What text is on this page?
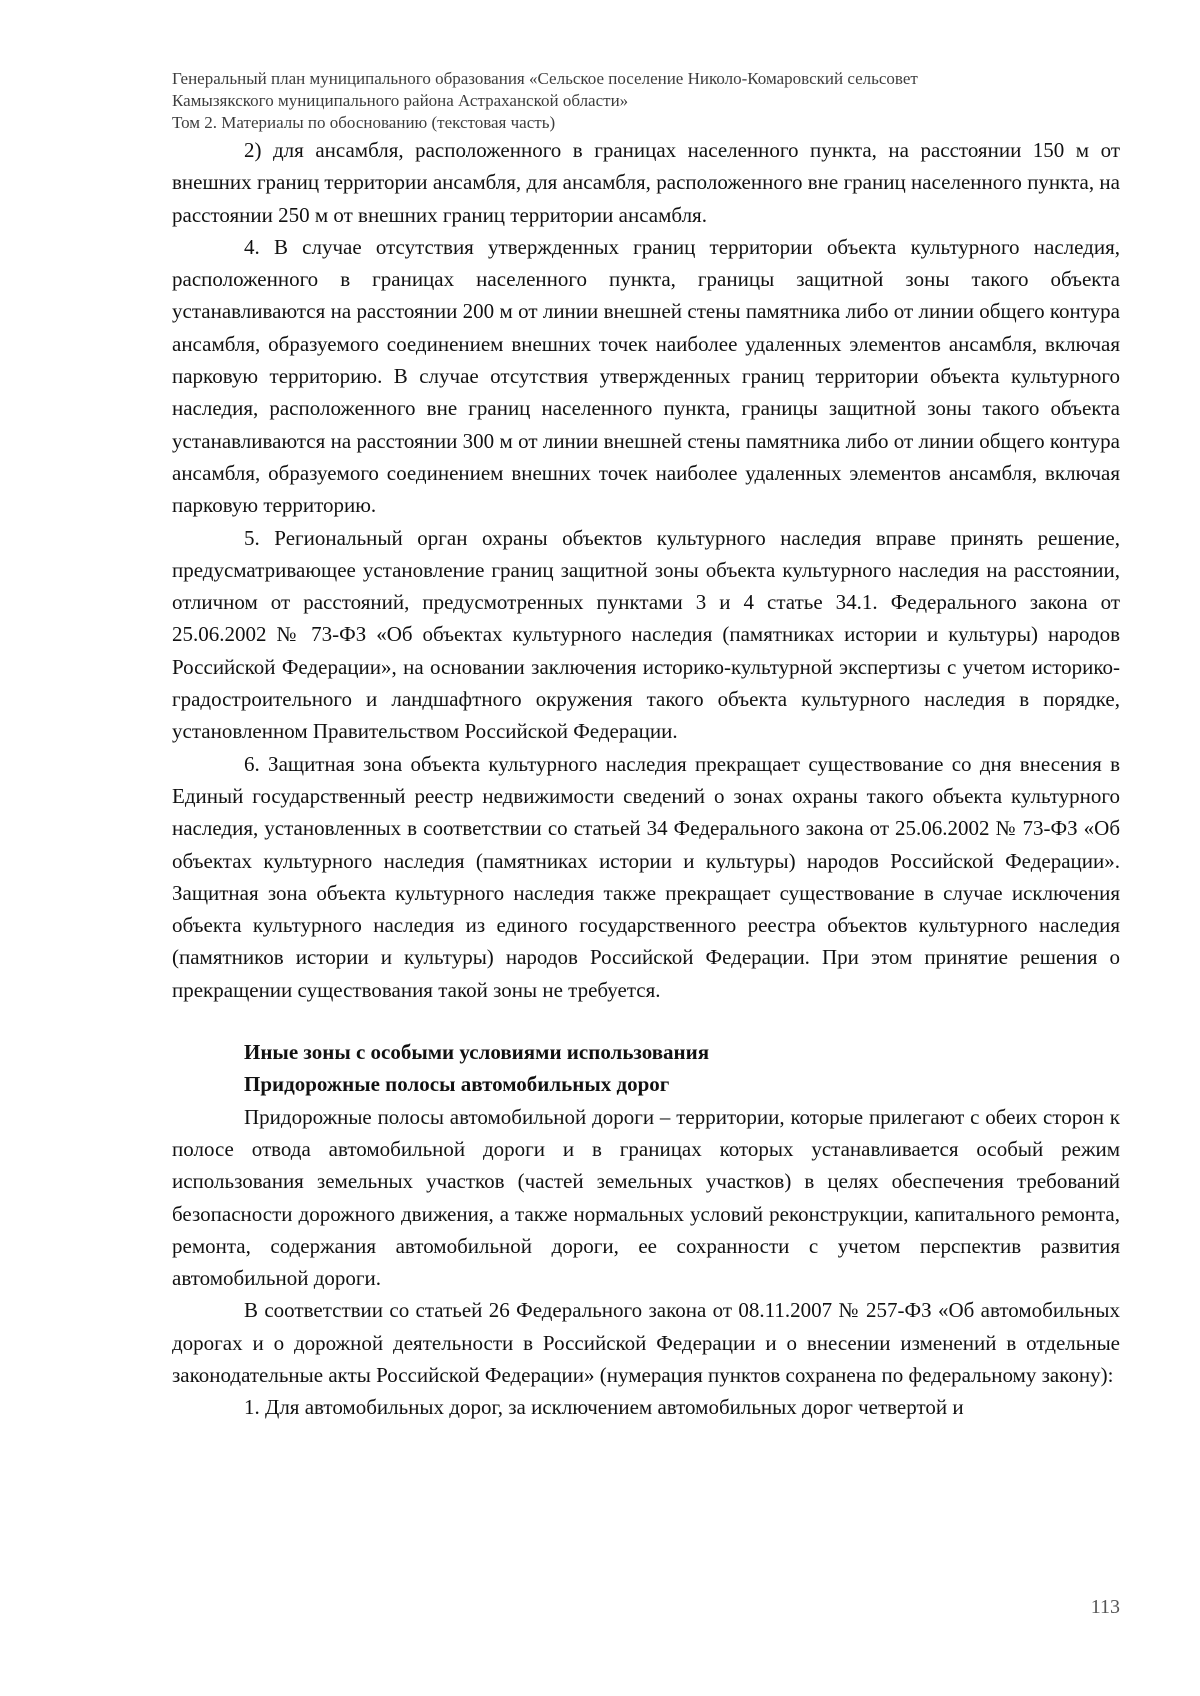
Генеральный план муниципального образования «Сельское поселение Николо-Комаровский сельсовет
Камызякского муниципального района Астраханской области»
Том 2. Материалы по обоснованию (текстовая часть)

2) для ансамбля, расположенного в границах населенного пункта, на расстоянии 150 м от внешних границ территории ансамбля, для ансамбля, расположенного вне границ населенного пункта, на расстоянии 250 м от внешних границ территории ансамбля.

4. В случае отсутствия утвержденных границ территории объекта культурного наследия, расположенного в границах населенного пункта, границы защитной зоны такого объекта устанавливаются на расстоянии 200 м от линии внешней стены памятника либо от линии общего контура ансамбля, образуемого соединением внешних точек наиболее удаленных элементов ансамбля, включая парковую территорию. В случае отсутствия утвержденных границ территории объекта культурного наследия, расположенного вне границ населенного пункта, границы защитной зоны такого объекта устанавливаются на расстоянии 300 м от линии внешней стены памятника либо от линии общего контура ансамбля, образуемого соединением внешних точек наиболее удаленных элементов ансамбля, включая парковую территорию.

5. Региональный орган охраны объектов культурного наследия вправе принять решение, предусматривающее установление границ защитной зоны объекта культурного наследия на расстоянии, отличном от расстояний, предусмотренных пунктами 3 и 4 статье 34.1. Федерального закона от 25.06.2002 № 73-ФЗ «Об объектах культурного наследия (памятниках истории и культуры) народов Российской Федерации», на основании заключения историко-культурной экспертизы с учетом историко-градостроительного и ландшафтного окружения такого объекта культурного наследия в порядке, установленном Правительством Российской Федерации.

6. Защитная зона объекта культурного наследия прекращает существование со дня внесения в Единый государственный реестр недвижимости сведений о зонах охраны такого объекта культурного наследия, установленных в соответствии со статьей 34 Федерального закона от 25.06.2002 № 73-ФЗ «Об объектах культурного наследия (памятниках истории и культуры) народов Российской Федерации». Защитная зона объекта культурного наследия также прекращает существование в случае исключения объекта культурного наследия из единого государственного реестра объектов культурного наследия (памятников истории и культуры) народов Российской Федерации. При этом принятие решения о прекращении существования такой зоны не требуется.

Иные зоны с особыми условиями использования

Придорожные полосы автомобильных дорог

Придорожные полосы автомобильной дороги – территории, которые прилегают с обеих сторон к полосе отвода автомобильной дороги и в границах которых устанавливается особый режим использования земельных участков (частей земельных участков) в целях обеспечения требований безопасности дорожного движения, а также нормальных условий реконструкции, капитального ремонта, ремонта, содержания автомобильной дороги, ее сохранности с учетом перспектив развития автомобильной дороги.

В соответствии со статьей 26 Федерального закона от 08.11.2007 № 257-ФЗ «Об автомобильных дорогах и о дорожной деятельности в Российской Федерации и о внесении изменений в отдельные законодательные акты Российской Федерации» (нумерация пунктов сохранена по федеральному закону):

1. Для автомобильных дорог, за исключением автомобильных дорог четвертой и

113
